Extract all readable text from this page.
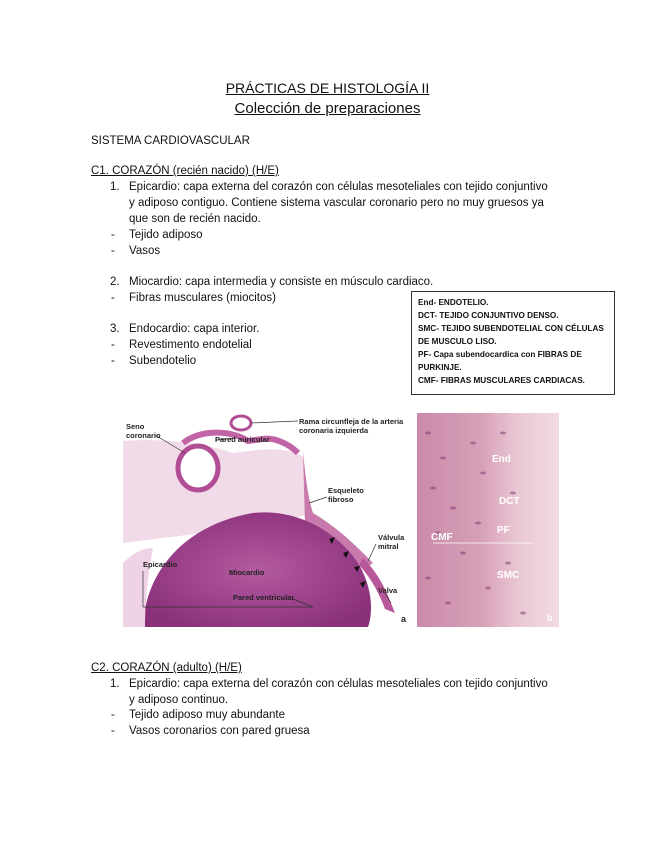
PRÁCTICAS DE HISTOLOGÍA II
Colección de preparaciones
SISTEMA CARDIOVASCULAR
C1. CORAZÓN (recién nacido) (H/E)
1. Epicardio: capa externa del corazón con células mesoteliales con tejido conjuntivo
y adiposo contiguo. Contiene sistema vascular coronario pero no muy gruesos ya
que son de recién nacido.
- Tejido adiposo
- Vasos
2. Miocardio: capa intermedia y consiste en músculo cardiaco.
- Fibras musculares (miocitos)
3. Endocardio: capa interior.
- Revestimento endotelial
- Subendotelio
End- ENDOTELIO.
DCT- TEJIDO CONJUNTIVO DENSO.
SMC- TEJIDO SUBENDOTELIAL CON CÉLULAS DE MUSCULO LISO.
PF- Capa subendocardica con FIBRAS DE PURKINJE.
CMF- FIBRAS MUSCULARES CARDIACAS.
Seno
coronario	Pared auricular
Rama circunfleja de la arteria
coronaria izquierda
Esqueleto
fibroso
Válvula
mitral
Epicardio
Miocardio
Pared ventricular
Valva
a
End
DCT
PF
CMF
SMC
b
C2. CORAZÓN (adulto) (H/E)
1. Epicardio: capa externa del corazón con células mesoteliales con tejido conjuntivo
y adiposo continuo.
- Tejido adiposo muy abundante
- Vasos coronarios con pared gruesa
